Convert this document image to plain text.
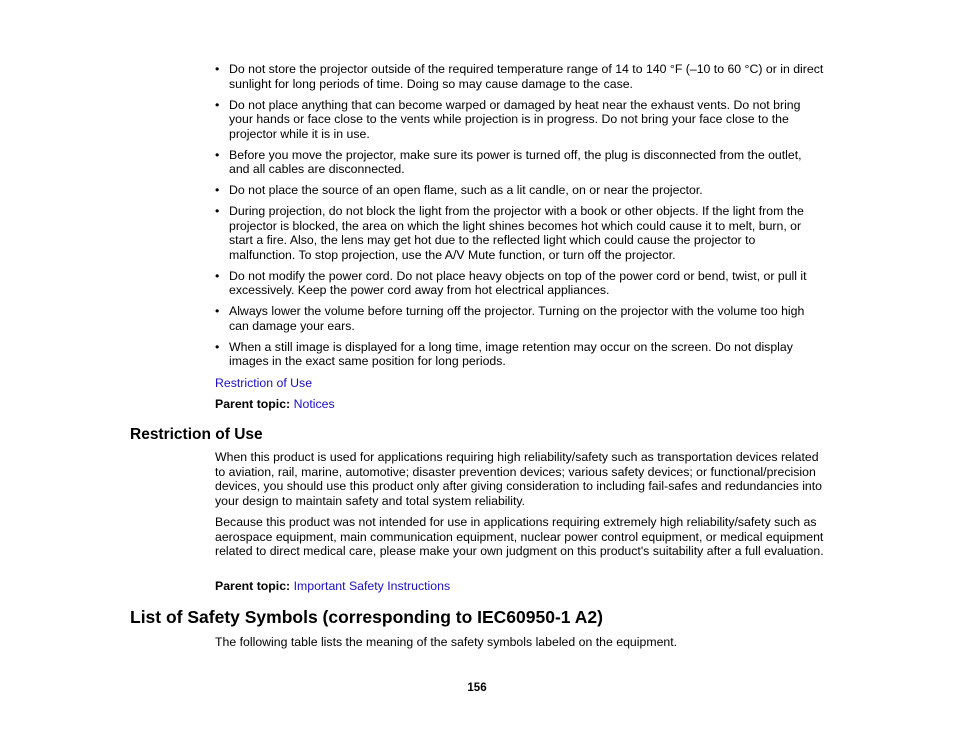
• Do not store the projector outside of the required temperature range of 14 to 140 °F (–10 to 60 °C) or in direct sunlight for long periods of time. Doing so may cause damage to the case.
• Do not place anything that can become warped or damaged by heat near the exhaust vents. Do not bring your hands or face close to the vents while projection is in progress. Do not bring your face close to the projector while it is in use.
• Before you move the projector, make sure its power is turned off, the plug is disconnected from the outlet, and all cables are disconnected.
• Do not place the source of an open flame, such as a lit candle, on or near the projector.
• During projection, do not block the light from the projector with a book or other objects. If the light from the projector is blocked, the area on which the light shines becomes hot which could cause it to melt, burn, or start a fire. Also, the lens may get hot due to the reflected light which could cause the projector to malfunction. To stop projection, use the A/V Mute function, or turn off the projector.
• Do not modify the power cord. Do not place heavy objects on top of the power cord or bend, twist, or pull it excessively. Keep the power cord away from hot electrical appliances.
• Always lower the volume before turning off the projector. Turning on the projector with the volume too high can damage your ears.
• When a still image is displayed for a long time, image retention may occur on the screen. Do not display images in the exact same position for long periods.
Restriction of Use
Parent topic: Notices
Restriction of Use
When this product is used for applications requiring high reliability/safety such as transportation devices related to aviation, rail, marine, automotive; disaster prevention devices; various safety devices; or functional/precision devices, you should use this product only after giving consideration to including fail-safes and redundancies into your design to maintain safety and total system reliability.
Because this product was not intended for use in applications requiring extremely high reliability/safety such as aerospace equipment, main communication equipment, nuclear power control equipment, or medical equipment related to direct medical care, please make your own judgment on this product's suitability after a full evaluation.
Parent topic: Important Safety Instructions
List of Safety Symbols (corresponding to IEC60950-1 A2)
The following table lists the meaning of the safety symbols labeled on the equipment.
156
